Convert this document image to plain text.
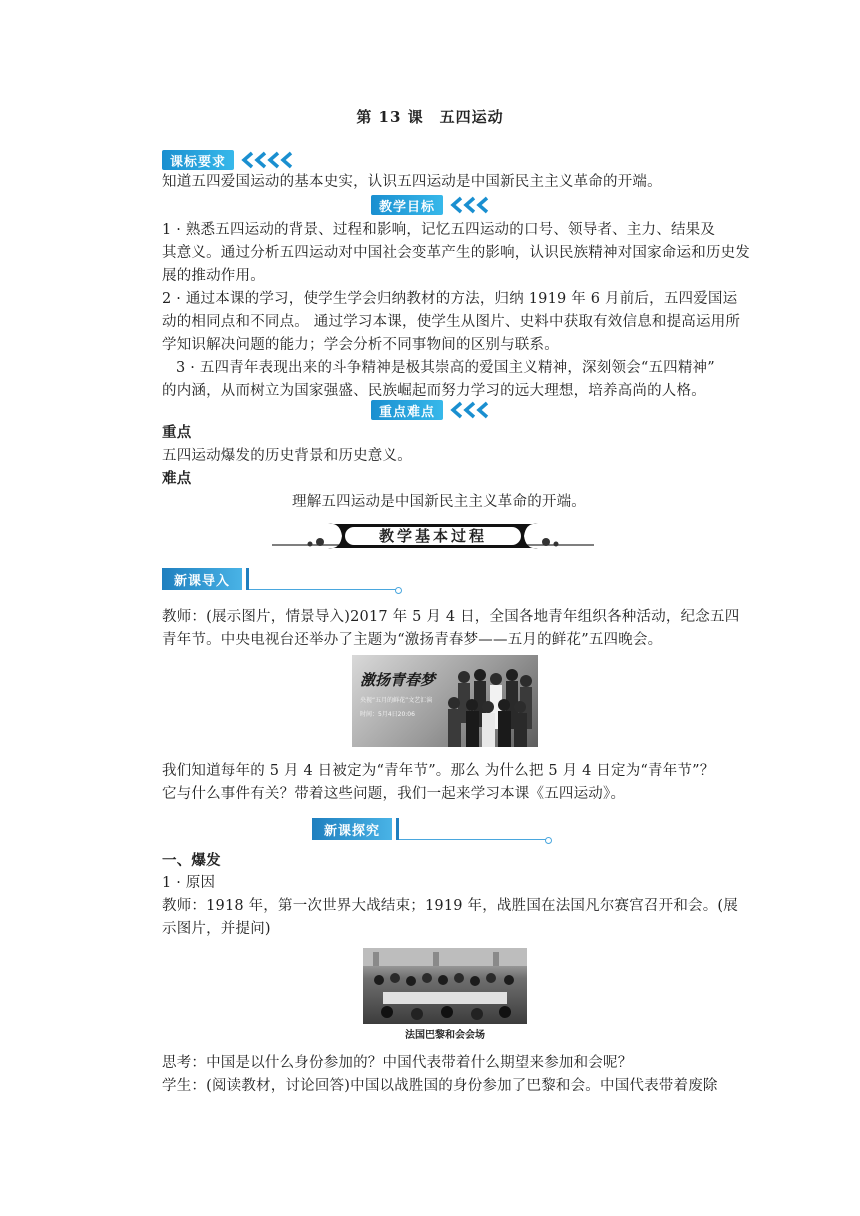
第 13 课　五四运动
课标要求
知道五四爱国运动的基本史实，认识五四运动是中国新民主主义革命的开端。
教学目标
1 · 熟悉五四运动的背景、过程和影响，记忆五四运动的口号、领导者、主力、结果及
其意义。通过分析五四运动对中国社会变革产生的影响，认识民族精神对国家命运和历史发
展的推动作用。
2 · 通过本课的学习，使学生学会归纳教材的方法，归纳 1919 年 6 月前后，五四爱国运
动的相同点和不同点。 通过学习本课，使学生从图片、史料中获取有效信息和提高运用所
学知识解决问题的能力；学会分析不同事物间的区别与联系。
3 · 五四青年表现出来的斗争精神是极其崇高的爱国主义精神，深刻领会“五四精神”
的内涵，从而树立为国家强盛、民族崛起而努力学习的远大理想，培养高尚的人格。
重点难点
重点
五四运动爆发的历史背景和历史意义。
难点
理解五四运动是中国新民主主义革命的开端。
教学基本过程
新课导入
教师：(展示图片，情景导入)2017 年 5 月 4 日，全国各地青年组织各种活动，纪念五四
青年节。中央电视台还举办了主题为“激扬青春梦——五月的鲜花”五四晚会。
激扬青春梦
央视“五月的鲜花”文艺汇演
时间：5月4日20:06
我们知道每年的 5 月 4 日被定为“青年节”。那么 为什么把 5 月 4 日定为“青年节”？
它与什么事件有关？带着这些问题，我们一起来学习本课《五四运动》。
新课探究
一、爆发
1 · 原因
教师：1918 年，第一次世界大战结束；1919 年，战胜国在法国凡尔赛宫召开和会。(展
示图片，并提问)
法国巴黎和会会场
思考：中国是以什么身份参加的？中国代表带着什么期望来参加和会呢？
学生：(阅读教材，讨论回答)中国以战胜国的身份参加了巴黎和会。中国代表带着废除
